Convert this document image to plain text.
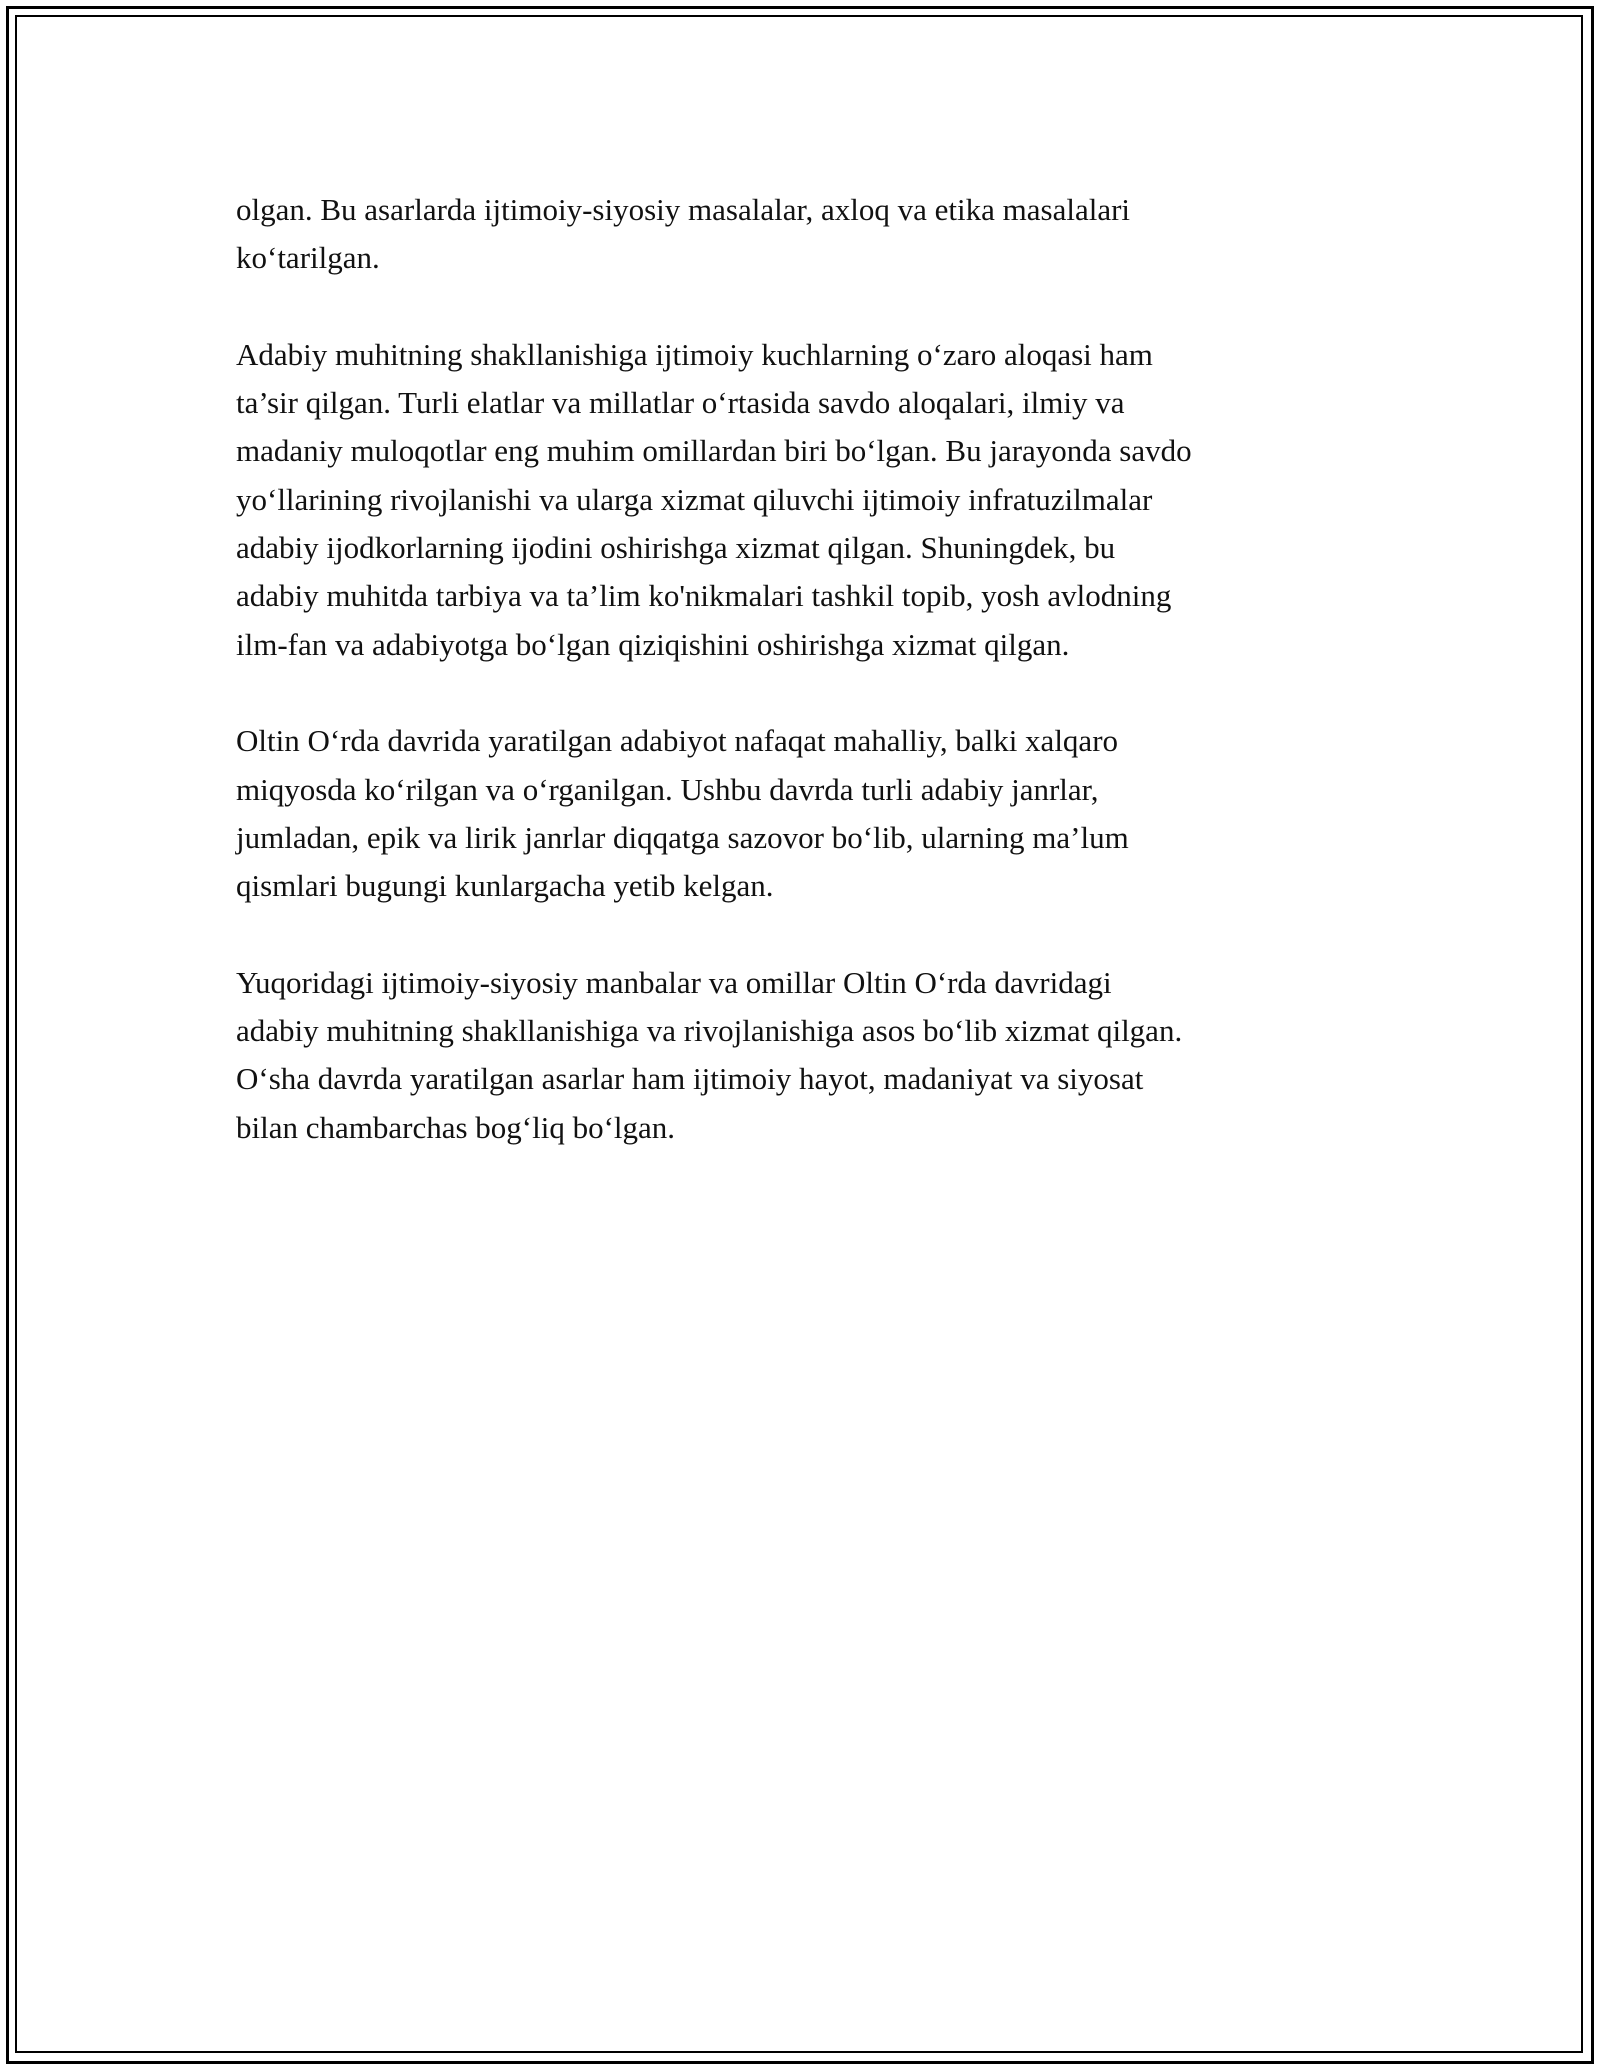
olgan. Bu asarlarda ijtimoiy-siyosiy masalalar, axloq va etika masalalari
ko‘tarilgan.

Adabiy muhitning shakllanishiga ijtimoiy kuchlarning o‘zaro aloqasi ham
ta’sir qilgan. Turli elatlar va millatlar o‘rtasida savdo aloqalari, ilmiy va
madaniy muloqotlar eng muhim omillardan biri bo‘lgan. Bu jarayonda savdo
yo‘llarining rivojlanishi va ularga xizmat qiluvchi ijtimoiy infratuzilmalar
adabiy ijodkorlarning ijodini oshirishga xizmat qilgan. Shuningdek, bu
adabiy muhitda tarbiya va ta’lim ko'nikmalari tashkil topib, yosh avlodning
ilm-fan va adabiyotga bo‘lgan qiziqishini oshirishga xizmat qilgan.

Oltin O‘rda davrida yaratilgan adabiyot nafaqat mahalliy, balki xalqaro
miqyosda ko‘rilgan va o‘rganilgan. Ushbu davrda turli adabiy janrlar,
jumladan, epik va lirik janrlar diqqatga sazovor bo‘lib, ularning ma’lum
qismlari bugungi kunlargacha yetib kelgan.

Yuqoridagi ijtimoiy-siyosiy manbalar va omillar Oltin O‘rda davridagi
adabiy muhitning shakllanishiga va rivojlanishiga asos bo‘lib xizmat qilgan.
O‘sha davrda yaratilgan asarlar ham ijtimoiy hayot, madaniyat va siyosat
bilan chambarchas bog‘liq bo‘lgan.
